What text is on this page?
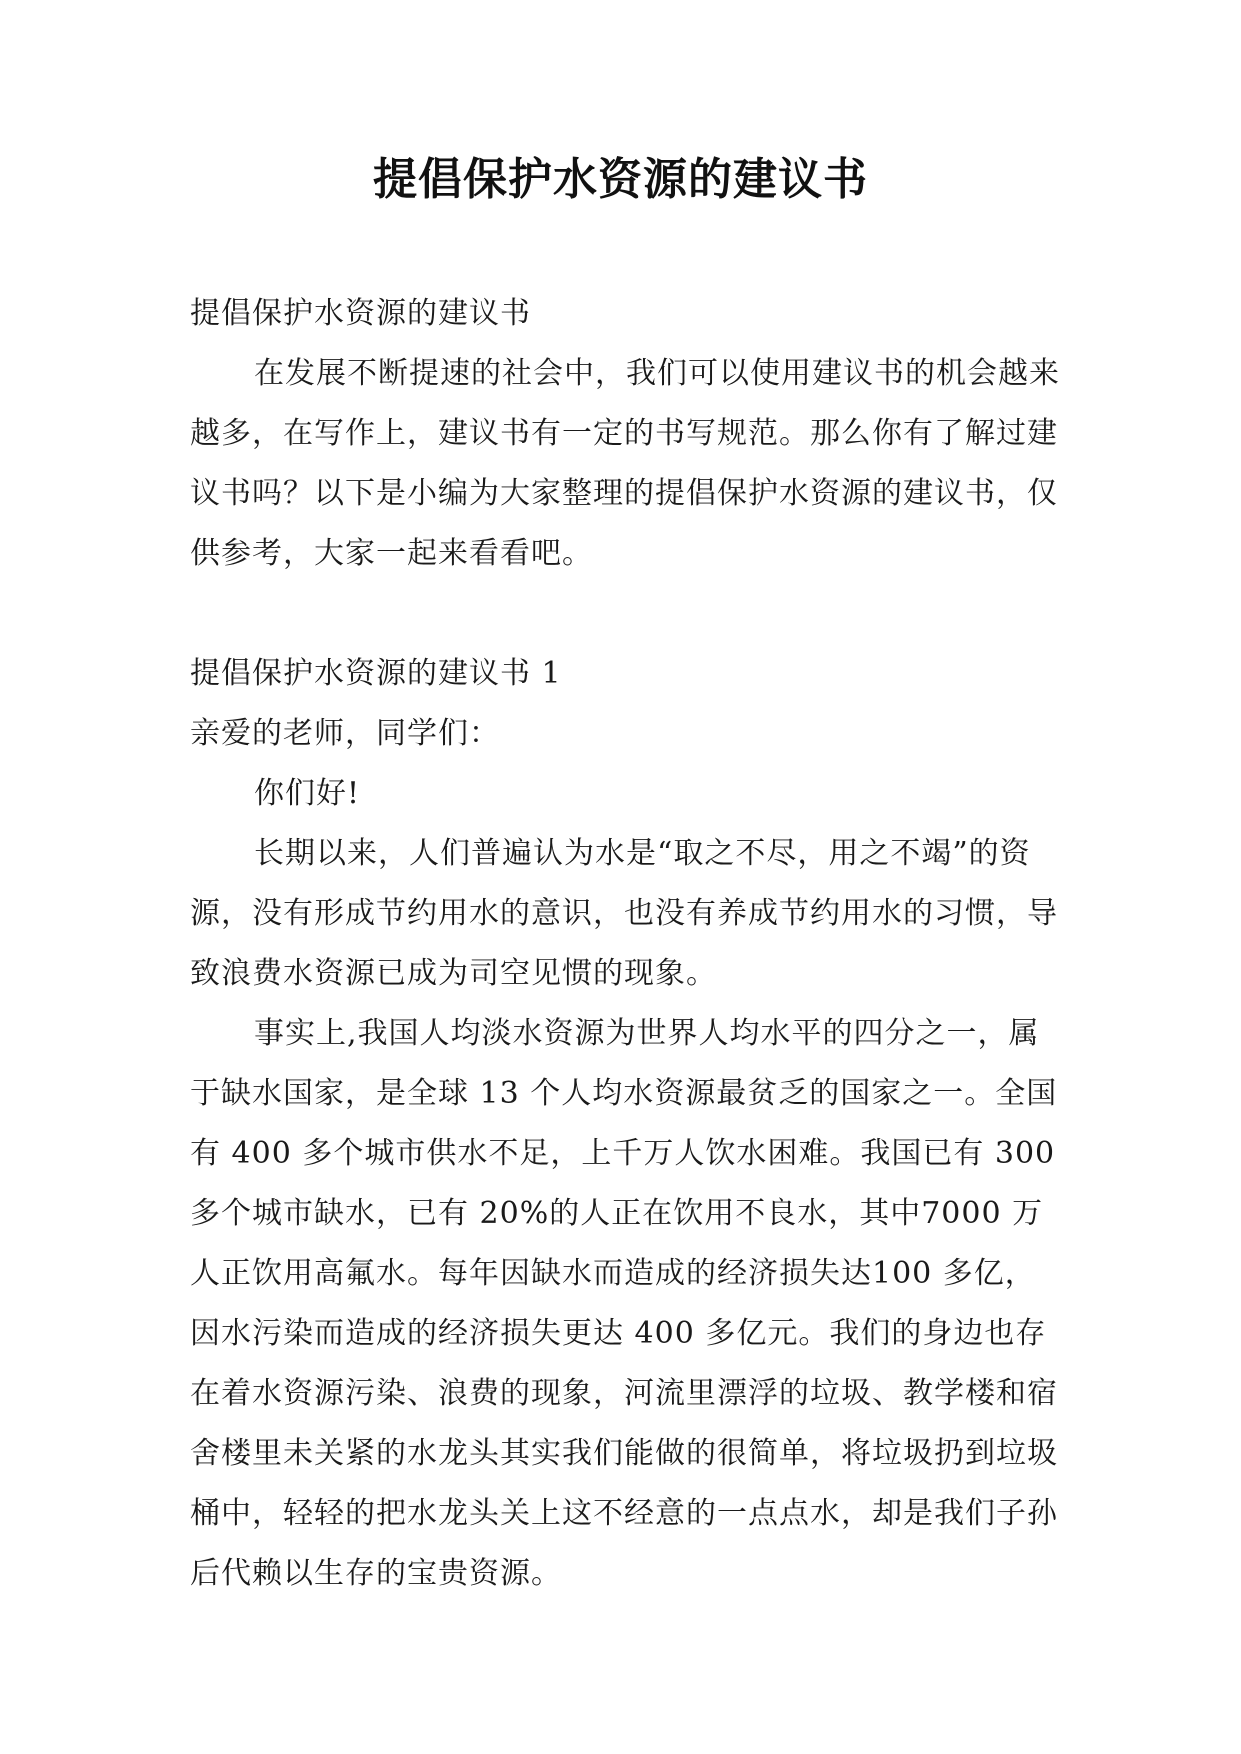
提倡保护水资源的建议书

提倡保护水资源的建议书

在发展不断提速的社会中，我们可以使用建议书的机会越来越多，在写作上，建议书有一定的书写规范。那么你有了解过建议书吗？以下是小编为大家整理的提倡保护水资源的建议书，仅供参考，大家一起来看看吧。

提倡保护水资源的建议书 1

亲爱的老师，同学们：

你们好!

长期以来，人们普遍认为水是“取之不尽，用之不竭”的资源，没有形成节约用水的意识，也没有养成节约用水的习惯，导致浪费水资源已成为司空见惯的现象。

事实上,我国人均淡水资源为世界人均水平的四分之一，属于缺水国家，是全球 13 个人均水资源最贫乏的国家之一。全国有 400 多个城市供水不足，上千万人饮水困难。我国已有 300 多个城市缺水，已有 20%的人正在饮用不良水，其中7000 万人正饮用高氟水。每年因缺水而造成的经济损失达100 多亿，因水污染而造成的经济损失更达 400 多亿元。我们的身边也存在着水资源污染、浪费的现象，河流里漂浮的垃圾、教学楼和宿舍楼里未关紧的水龙头其实我们能做的很简单，将垃圾扔到垃圾桶中，轻轻的把水龙头关上这不经意的一点点水，却是我们子孙后代赖以生存的宝贵资源。
